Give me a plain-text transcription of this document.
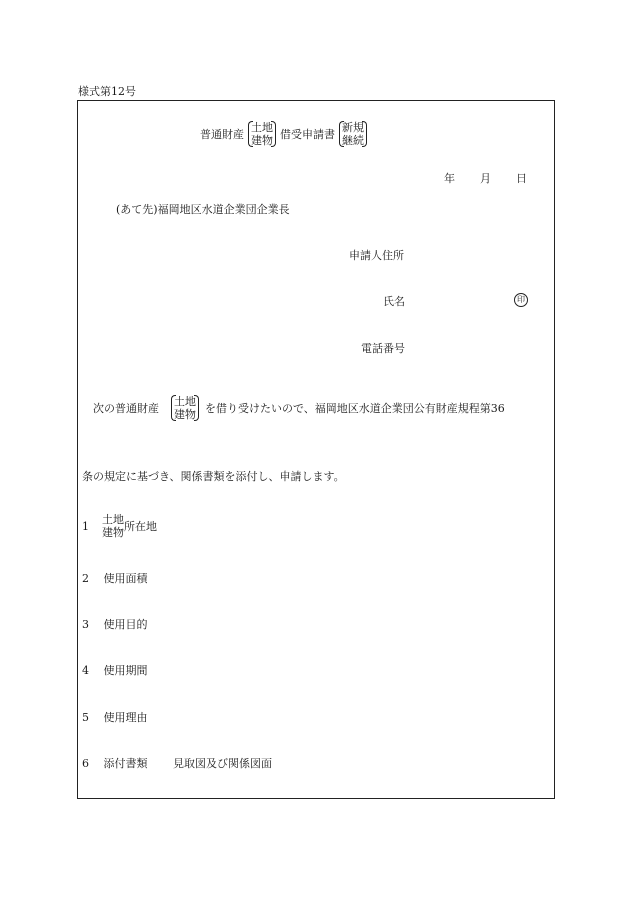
様式第12号
普通財産
土地
建物 借受申請書
新規
継続
年 月 日
(あて先)福岡地区水道企業団企業長
申請人住所
氏名	印
電話番号
次の普通財産
土地
建物 を借り受けたいので、福岡地区水道企業団公有財産規程第36
条の規定に基づき、関係書類を添付し、申請します。
1	土地
建物 所在地
2 使用面積
3 使用目的
4 使用期間
5 使用理由
6 添付書類 見取図及び関係図面
